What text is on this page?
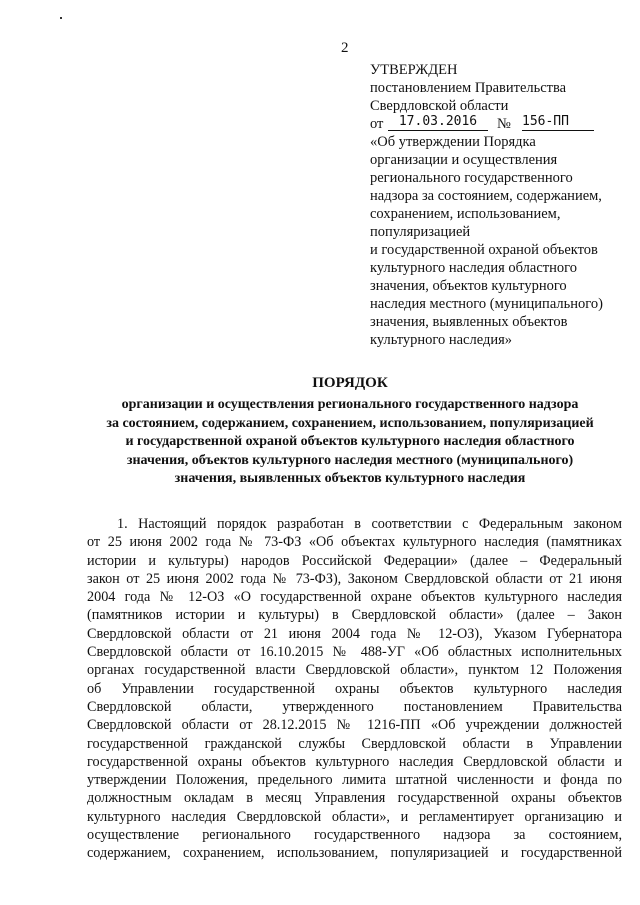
2
УТВЕРЖДЕН
постановлением Правительства
Свердловской области
от	17.03.2016	№ 156-ПП
«Об утверждении Порядка
организации и осуществления
регионального государственного
надзора за состоянием, содержанием,
сохранением, использованием,
популяризацией
и государственной охраной объектов
культурного наследия областного
значения, объектов культурного
наследия местного (муниципального)
значения, выявленных объектов
культурного наследия»
ПОРЯДОК
организации и осуществления регионального государственного надзора
за состоянием, содержанием, сохранением, использованием, популяризацией
и государственной охраной объектов культурного наследия областного
значения, объектов культурного наследия местного (муниципального)
значения, выявленных объектов культурного наследия
1. Настоящий порядок разработан в соответствии с Федеральным законом
от 25 июня 2002 года № 73-ФЗ «Об объектах культурного наследия (памятниках
истории и культуры) народов Российской Федерации» (далее – Федеральный
закон от 25 июня 2002 года № 73-ФЗ), Законом Свердловской области от 21 июня
2004 года № 12-ОЗ «О государственной охране объектов культурного наследия
(памятников истории и культуры) в Свердловской области» (далее – Закон
Свердловской области от 21 июня 2004 года № 12-ОЗ), Указом Губернатора
Свердловской области от 16.10.2015 № 488-УГ «Об областных исполнительных
органах государственной власти Свердловской области», пунктом 12 Положения
об Управлении государственной охраны объектов культурного наследия
Свердловской области, утвержденного постановлением Правительства
Свердловской области от 28.12.2015 № 1216-ПП «Об учреждении должностей
государственной гражданской службы Свердловской области в Управлении
государственной охраны объектов культурного наследия Свердловской области и
утверждении Положения, предельного лимита штатной численности и фонда по
должностным окладам в месяц Управления государственной охраны объектов
культурного наследия Свердловской области», и регламентирует организацию и
осуществление регионального государственного надзора за состоянием,
содержанием, сохранением, использованием, популяризацией и государственной
